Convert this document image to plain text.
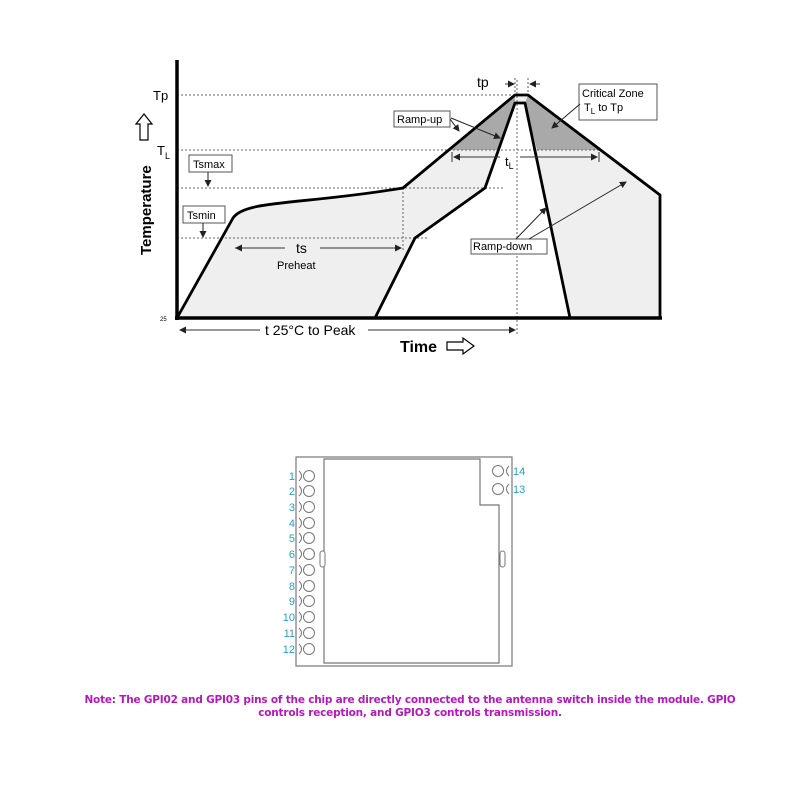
Tp
$T_L$
25
Temperature
Tsmax
Tsmin
ts
Preheat
t 25°C to Peak
Time
tp
$t_L$
Ramp-up
Critical Zone
$T_L$ to Tp
Ramp-down
1
2
3
4
5
6
7
8
9
10
11
12
14
13
Note: The GPI02 and GPI03 pins of the chip are directly connected to the antenna switch inside the module. GPIO controls reception, and GPIO3 controls transmission.
